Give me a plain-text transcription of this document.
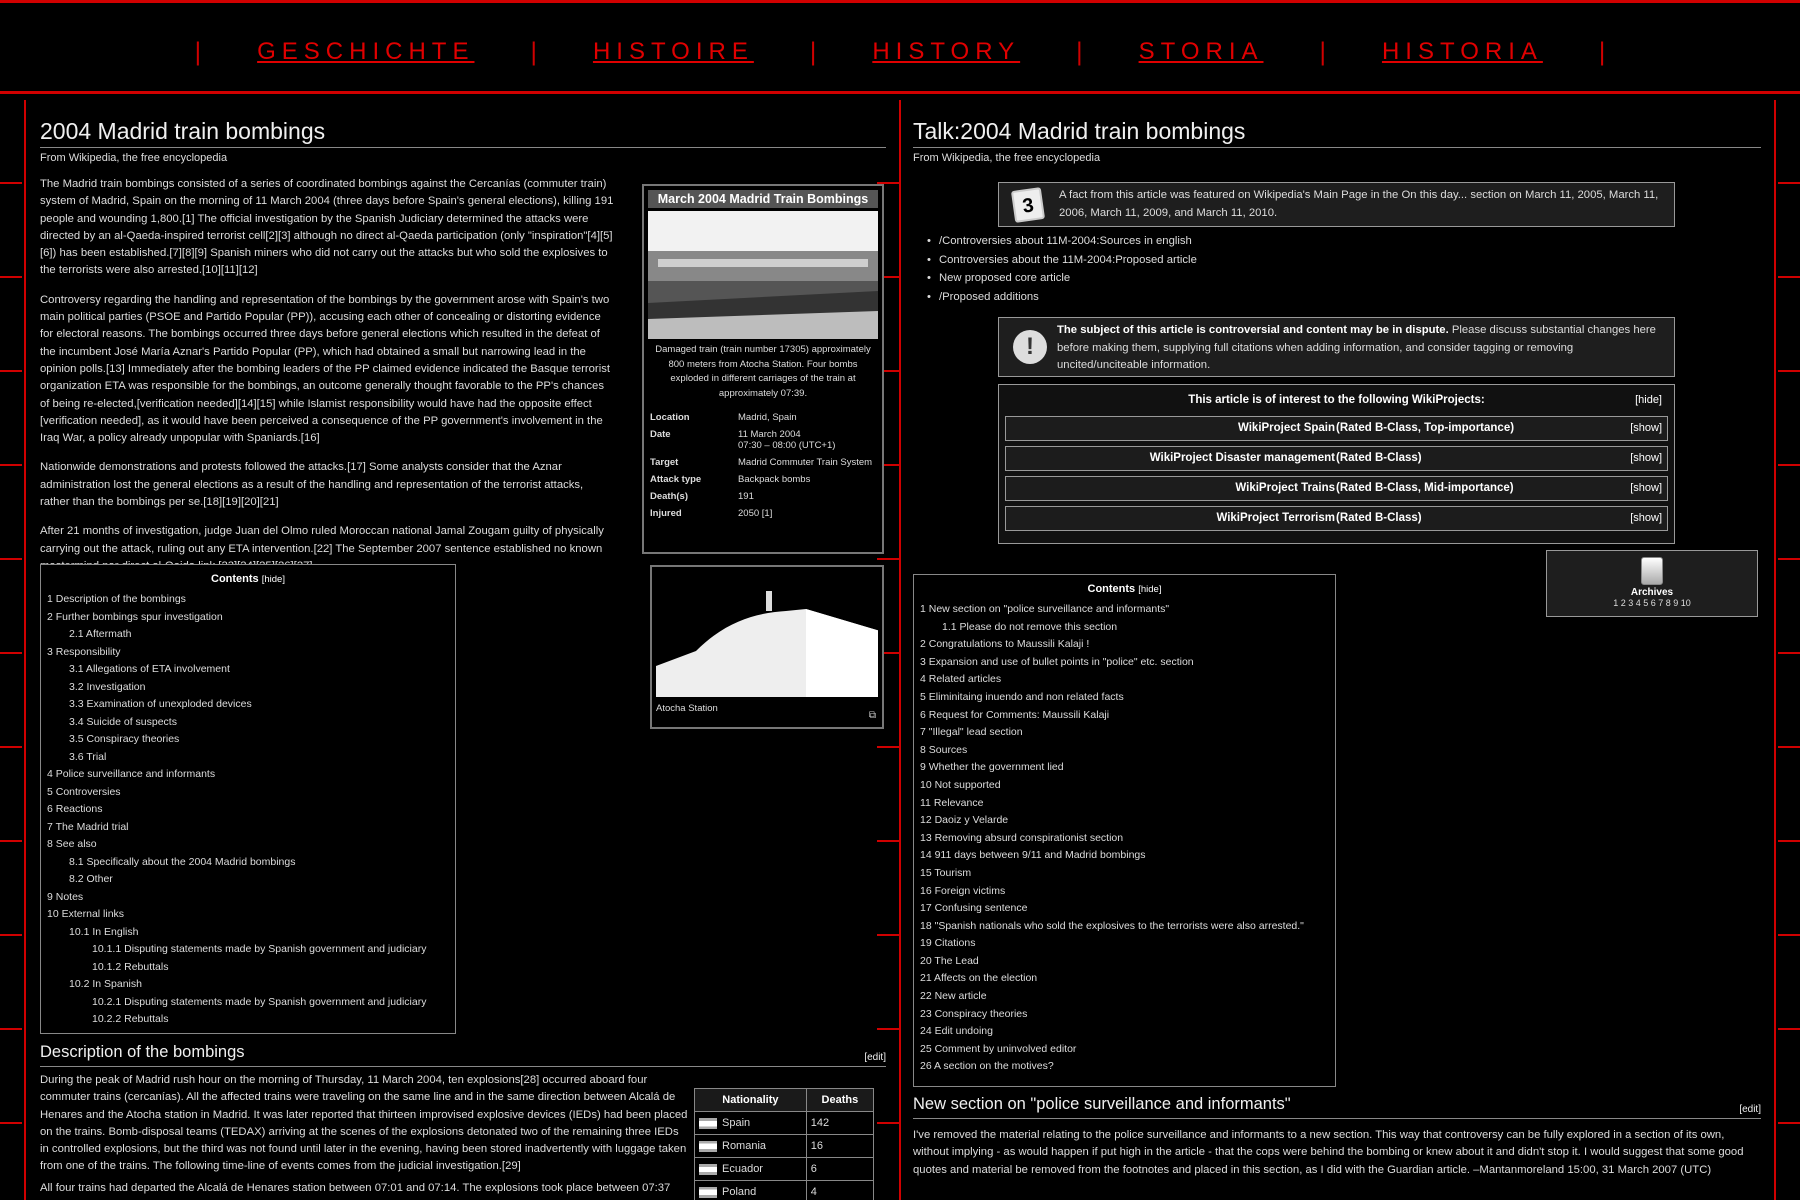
| GESCHICHTE | HISTOIRE | HISTORY | STORIA | HISTORIA |
2004 Madrid train bombings
From Wikipedia, the free encyclopedia

The Madrid train bombings consisted of a series of coordinated bombings against the Cercanías (commuter train) system of Madrid, Spain on the morning of 11 March 2004 (three days before Spain's general elections), killing 191 people and wounding 1,800.[1] The official investigation by the Spanish Judiciary determined the attacks were directed by an al-Qaeda-inspired terrorist cell[2][3] although no direct al-Qaeda participation (only "inspiration"[4][5][6]) has been established.[7][8][9] Spanish miners who did not carry out the attacks but who sold the explosives to the terrorists were also arrested.[10][11][12]

Controversy regarding the handling and representation of the bombings by the government arose with Spain's two main political parties (PSOE and Partido Popular (PP)), accusing each other of concealing or distorting evidence for electoral reasons. The bombings occurred three days before general elections which resulted in the defeat of the incumbent José María Aznar's Partido Popular (PP), which had obtained a small but narrowing lead in the opinion polls.[13] Immediately after the bombing leaders of the PP claimed evidence indicated the Basque terrorist organization ETA was responsible for the bombings, an outcome generally thought favorable to the PP's chances of being re-elected,[verification needed][14][15] while Islamist responsibility would have had the opposite effect [verification needed], as it would have been perceived a consequence of the PP government's involvement in the Iraq War, a policy already unpopular with Spaniards.[16]

Nationwide demonstrations and protests followed the attacks.[17] Some analysts consider that the Aznar administration lost the general elections as a result of the handling and representation of the terrorist attacks, rather than the bombings per se.[18][19][20][21]

After 21 months of investigation, judge Juan del Olmo ruled Moroccan national Jamal Zougam guilty of physically carrying out the attack, ruling out any ETA intervention.[22] The September 2007 sentence established no known

March 2004 Madrid Train Bombings
Damaged train (train number 17305) approximately 800 meters from Atocha Station. Four bombs exploded in different carriages of the train at approximately 07:39.
Location	Madrid, Spain
Date	11 March 2004
07:30 – 08:00 (UTC+1)
Target	Madrid Commuter Train System
Attack type	Backpack bombs
Death(s)	191
Injured	2050 [1]
Atocha Station
⧉
Contents [hide]
1 Description of the bombings
2 Further bombings spur investigation
2.1 Aftermath
3 Responsibility
3.1 Allegations of ETA involvement
3.2 Investigation
3.3 Examination of unexploded devices
3.4 Suicide of suspects
3.5 Conspiracy theories
3.6 Trial
4 Police surveillance and informants
5 Controversies
6 Reactions
7 The Madrid trial
8 See also
8.1 Specifically about the 2004 Madrid bombings
8.2 Other
9 Notes
10 External links
10.1 In English
10.1.1 Disputing statements made by Spanish government and judiciary
10.1.2 Rebuttals
10.2 In Spanish
10.2.1 Disputing statements made by Spanish government and judiciary
10.2.2 Rebuttals
Description of the bombings	[edit]

During the peak of Madrid rush hour on the morning of Thursday, 11 March 2004, ten explosions[28] occurred aboard four commuter trains (cercanías). All the affected trains were traveling on the same line and in the same direction between Alcalá de Henares and the Atocha station in Madrid. It was later reported that thirteen improvised explosive devices (IEDs) had been placed on the trains. Bomb-disposal teams (TEDAX) arriving at the scenes of the explosions detonated two of the remaining three IEDs in controlled explosions, but the third was not found until later in the evening, having been stored inadvertently with luggage taken from one of the trains. The following time-line of events comes from the judicial investigation.[29]

All four trains had departed the Alcalá de Henares station between 07:01 and 07:14. The explosions took place between 07:37

Nationality	Deaths
Spain	142
Romania	16
Ecuador	6
Poland	4
Talk:2004 Madrid train bombings
From Wikipedia, the free encyclopedia
3	A fact from this article was featured on Wikipedia's Main Page in the On this day... section on March 11, 2005, March 11, 2006, March 11, 2009, and March 11, 2010.
• /Controversies about 11M-2004:Sources in english
• Controversies about the 11M-2004:Proposed article
• New proposed core article
• /Proposed additions
!
The subject of this article is controversial and content may be in dispute. Please discuss substantial changes here before making them, supplying full citations when adding information, and consider tagging or removing uncited/unciteable information.
This article is of interest to the following WikiProjects:	[hide]
WikiProject Spain (Rated B-Class, Top-importance)	[show]
WikiProject Disaster management (Rated B-Class)	[show]
WikiProject Trains (Rated B-Class, Mid-importance)	[show]
WikiProject Terrorism (Rated B-Class)	[show]
Archives
1 2 3 4 5 6 7 8 9 10
Contents [hide]
1 New section on "police surveillance and informants"
1.1 Please do not remove this section
2 Congratulations to Maussili Kalaji !
3 Expansion and use of bullet points in "police" etc. section
4 Related articles
5 Eliminitaing inuendo and non related facts
6 Request for Comments: Maussili Kalaji
7 "Illegal" lead section
8 Sources
9 Whether the government lied
10 Not supported
11 Relevance
12 Daoiz y Velarde
13 Removing absurd conspirationist section
14 911 days between 9/11 and Madrid bombings
15 Tourism
16 Foreign victims
17 Confusing sentence
18 "Spanish nationals who sold the explosives to the terrorists were also arrested."
19 Citations
20 The Lead
21 Affects on the election
22 New article
23 Conspiracy theories
24 Edit undoing
25 Comment by uninvolved editor
26 A section on the motives?
New section on "police surveillance and informants"	[edit]

I've removed the material relating to the police surveillance and informants to a new section. This way that controversy can be fully explored in a section of its own, without implying - as would happen if put high in the article - that the cops were behind the bombing or knew about it and didn't stop it. I would suggest that some good quotes and material be removed from the footnotes and placed in this section, as I did with the Guardian article. –Mantanmoreland 15:00, 31 March 2007 (UTC)
